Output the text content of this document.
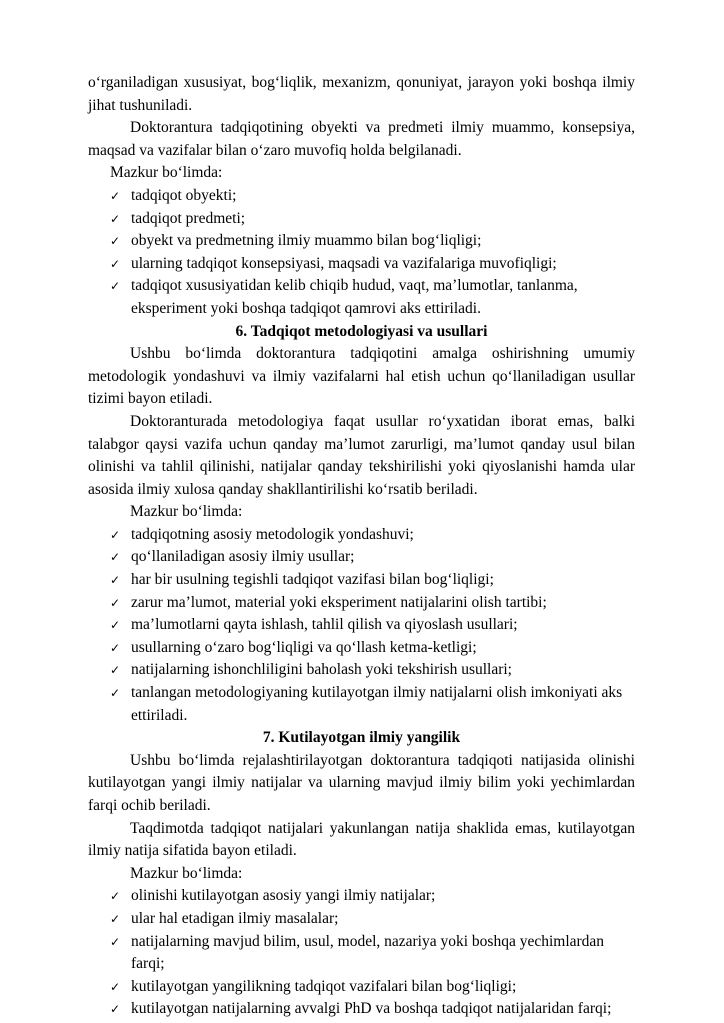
o‘rganiladigan xususiyat, bog‘liqlik, mexanizm, qonuniyat, jarayon yoki boshqa ilmiy jihat tushuniladi.

Doktorantura tadqiqotining obyekti va predmeti ilmiy muammo, konsepsiya, maqsad va vazifalar bilan o‘zaro muvofiq holda belgilanadi.

Mazkur bo‘limda:

✓ tadqiqot obyekti;
✓ tadqiqot predmeti;
✓ obyekt va predmetning ilmiy muammo bilan bog‘liqligi;
✓ ularning tadqiqot konsepsiyasi, maqsadi va vazifalariga muvofiqligi;
✓ tadqiqot xususiyatidan kelib chiqib hudud, vaqt, ma’lumotlar, tanlanma, eksperiment yoki boshqa tadqiqot qamrovi aks ettiriladi.
6. Tadqiqot metodologiyasi va usullari

Ushbu bo‘limda doktorantura tadqiqotini amalga oshirishning umumiy metodologik yondashuvi va ilmiy vazifalarni hal etish uchun qo‘llaniladigan usullar tizimi bayon etiladi.

Doktoranturada metodologiya faqat usullar ro‘yxatidan iborat emas, balki talabgor qaysi vazifa uchun qanday ma’lumot zarurligi, ma’lumot qanday usul bilan olinishi va tahlil qilinishi, natijalar qanday tekshirilishi yoki qiyoslanishi hamda ular asosida ilmiy xulosa qanday shakllantirilishi ko‘rsatib beriladi.

Mazkur bo‘limda:

✓ tadqiqotning asosiy metodologik yondashuvi;
✓ qo‘llaniladigan asosiy ilmiy usullar;
✓ har bir usulning tegishli tadqiqot vazifasi bilan bog‘liqligi;
✓ zarur ma’lumot, material yoki eksperiment natijalarini olish tartibi;
✓ ma’lumotlarni qayta ishlash, tahlil qilish va qiyoslash usullari;
✓ usullarning o‘zaro bog‘liqligi va qo‘llash ketma-ketligi;
✓ natijalarning ishonchliligini baholash yoki tekshirish usullari;
✓ tanlangan metodologiyaning kutilayotgan ilmiy natijalarni olish imkoniyati aks ettiriladi.
7. Kutilayotgan ilmiy yangilik

Ushbu bo‘limda rejalashtirilayotgan doktorantura tadqiqoti natijasida olinishi kutilayotgan yangi ilmiy natijalar va ularning mavjud ilmiy bilim yoki yechimlardan farqi ochib beriladi.

Taqdimotda tadqiqot natijalari yakunlangan natija shaklida emas, kutilayotgan ilmiy natija sifatida bayon etiladi.

Mazkur bo‘limda:

✓ olinishi kutilayotgan asosiy yangi ilmiy natijalar;
✓ ular hal etadigan ilmiy masalalar;
✓ natijalarning mavjud bilim, usul, model, nazariya yoki boshqa yechimlardan farqi;
✓ kutilayotgan yangilikning tadqiqot vazifalari bilan bog‘liqligi;
✓ kutilayotgan natijalarning avvalgi PhD va boshqa tadqiqot natijalaridan farqi;
